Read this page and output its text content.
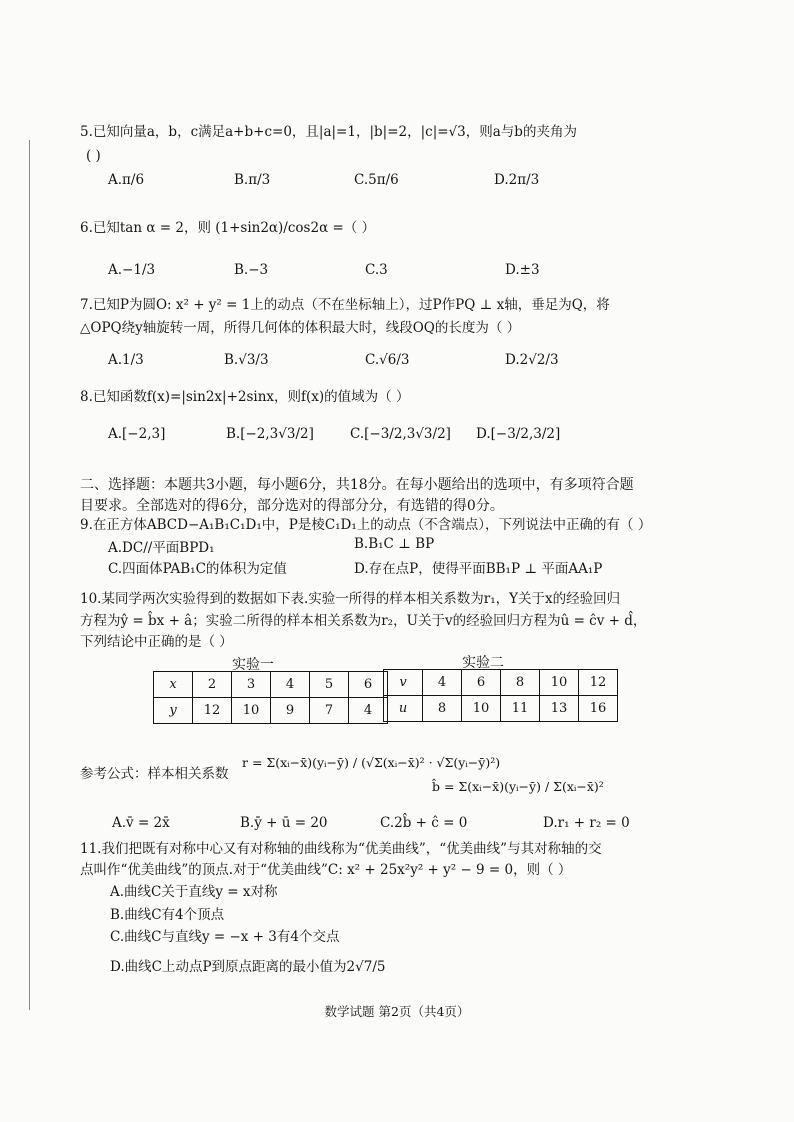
5.已知向量a，b，c满足a+b+c=0，且|a|=1，|b|=2，|c|=√3，则a与b的夹角为
( )
A.π/6	B.π/3	C.5π/6	D.2π/3
6.已知tan α = 2，则 (1+sin2α)/cos2α =（ ）
A.−1/3	B.−3	C.3	D.±3
7.已知P为圆O: x² + y² = 1上的动点（不在坐标轴上），过P作PQ ⊥ x轴，垂足为Q，将
△OPQ绕y轴旋转一周，所得几何体的体积最大时，线段OQ的长度为（ ）
A.1/3	B.√3/3	C.√6/3	D.2√2/3
8.已知函数f(x)=|sin2x|+2sinx，则f(x)的值域为（ ）
A.[−2,3]	B.[−2,3√3/2]	C.[−3/2,3√3/2] D.[−3/2,3/2]
二、选择题：本题共3小题，每小题6分，共18分。在每小题给出的选项中，有多项符合题
目要求。全部选对的得6分，部分选对的得部分分，有选错的得0分。
9.在正方体ABCD−A₁B₁C₁D₁中，P是棱C₁D₁上的动点（不含端点），下列说法中正确的有（ ）
A.DC//平面BPD₁	B.B₁C ⊥ BP
C.四面体PAB₁C的体积为定值	D.存在点P，使得平面BB₁P ⊥ 平面AA₁P
10.某同学两次实验得到的数据如下表.实验一所得的样本相关系数为r₁，Y关于x的经验回归
方程为ŷ = b̂x + â；实验二所得的样本相关系数为r₂，U关于v的经验回归方程为û = ĉv + d̂，
下列结论中正确的是（ ）
实验一
x	2	3	4	5	6
y	12	10	9	7	4
实验二
v	4	6	8	10	12
u	8	10	11	13	16
参考公式：样本相关系数
r = Σ(xᵢ−x̄)(yᵢ−ȳ) / (√Σ(xᵢ−x̄)² · √Σ(yᵢ−ȳ)²)
b̂ = Σ(xᵢ−x̄)(yᵢ−ȳ) / Σ(xᵢ−x̄)²
A.v̄ = 2x̄	B.ȳ + ū = 20	C.2b̂ + ĉ = 0	D.r₁ + r₂ = 0
11.我们把既有对称中心又有对称轴的曲线称为“优美曲线”，“优美曲线”与其对称轴的交
点叫作“优美曲线”的顶点.对于“优美曲线”C: x² + 25x²y² + y² − 9 = 0，则（ ）
A.曲线C关于直线y = x对称
B.曲线C有4个顶点
C.曲线C与直线y = −x + 3有4个交点
D.曲线C上动点P到原点距离的最小值为2√7/5
数学试题 第2页（共4页）
